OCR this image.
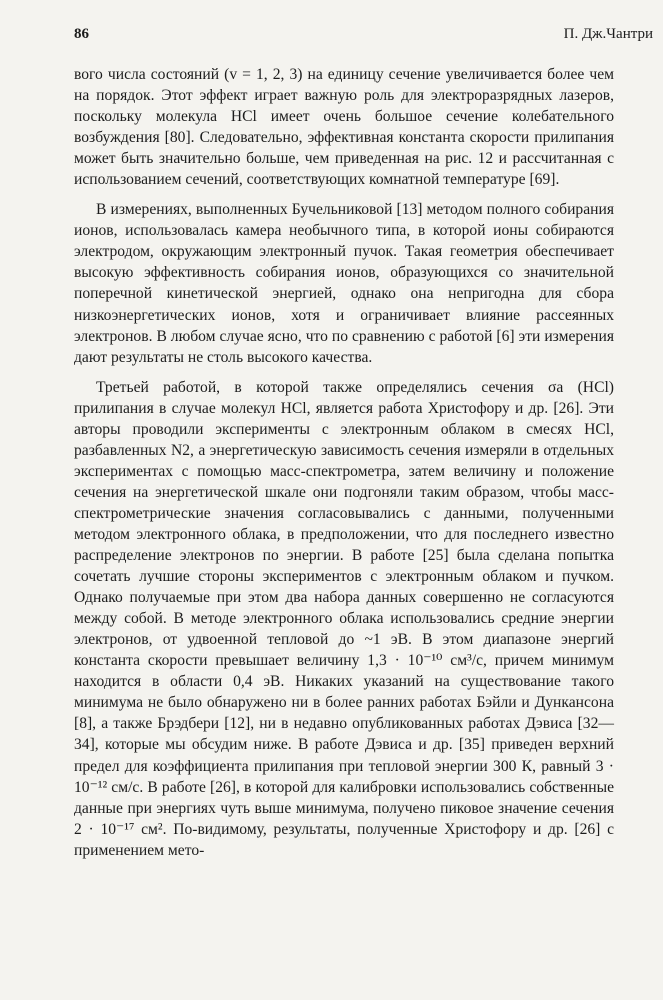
86	П. Дж.Чантри

вого числа состояний (v = 1, 2, 3) на единицу сечение увеличивается более чем на порядок. Этот эффект играет важную роль для электроразрядных лазеров, поскольку молекула HCl имеет очень большое сечение колебательного возбуждения [80]. Следовательно, эффективная константа скорости прилипания может быть значительно больше, чем приведенная на рис. 12 и рассчитанная с использованием сечений, соответствующих комнатной температуре [69].

В измерениях, выполненных Бучельниковой [13] методом полного собирания ионов, использовалась камера необычного типа, в которой ионы собираются электродом, окружающим электронный пучок. Такая геометрия обеспечивает высокую эффективность собирания ионов, образующихся со значительной поперечной кинетической энергией, однако она непригодна для сбора низкоэнергетических ионов, хотя и ограничивает влияние рассеянных электронов. В любом случае ясно, что по сравнению с работой [6] эти измерения дают результаты не столь высокого качества.

Третьей работой, в которой также определялись сечения σa (HCl) прилипания в случае молекул HCl, является работа Христофору и др. [26]. Эти авторы проводили эксперименты с электронным облаком в смесях HCl, разбавленных N2, а энергетическую зависимость сечения измеряли в отдельных экспериментах с помощью масс-спектрометра, затем величину и положение сечения на энергетической шкале они подгоняли таким образом, чтобы масс-спектрометрические значения согласовывались с данными, полученными методом электронного облака, в предположении, что для последнего известно распределение электронов по энергии. В работе [25] была сделана попытка сочетать лучшие стороны экспериментов с электронным облаком и пучком. Однако получаемые при этом два набора данных совершенно не согласуются между собой. В методе электронного облака использовались средние энергии электронов, от удвоенной тепловой до ~1 эВ. В этом диапазоне энергий константа скорости превышает величину 1,3 · 10⁻¹⁰ см³/с, причем минимум находится в области 0,4 эВ. Никаких указаний на существование такого минимума не было обнаружено ни в более ранних работах Бэйли и Дункансона [8], а также Брэдбери [12], ни в недавно опубликованных работах Дэвиса [32—34], которые мы обсудим ниже. В работе Дэвиса и др. [35] приведен верхний предел для коэффициента прилипания при тепловой энергии 300 К, равный 3 · 10⁻¹² см/с. В работе [26], в которой для калибровки использовались собственные данные при энергиях чуть выше минимума, получено пиковое значение сечения 2 · 10⁻¹⁷ см². По-видимому, результаты, полученные Христофору и др. [26] с применением мето-
